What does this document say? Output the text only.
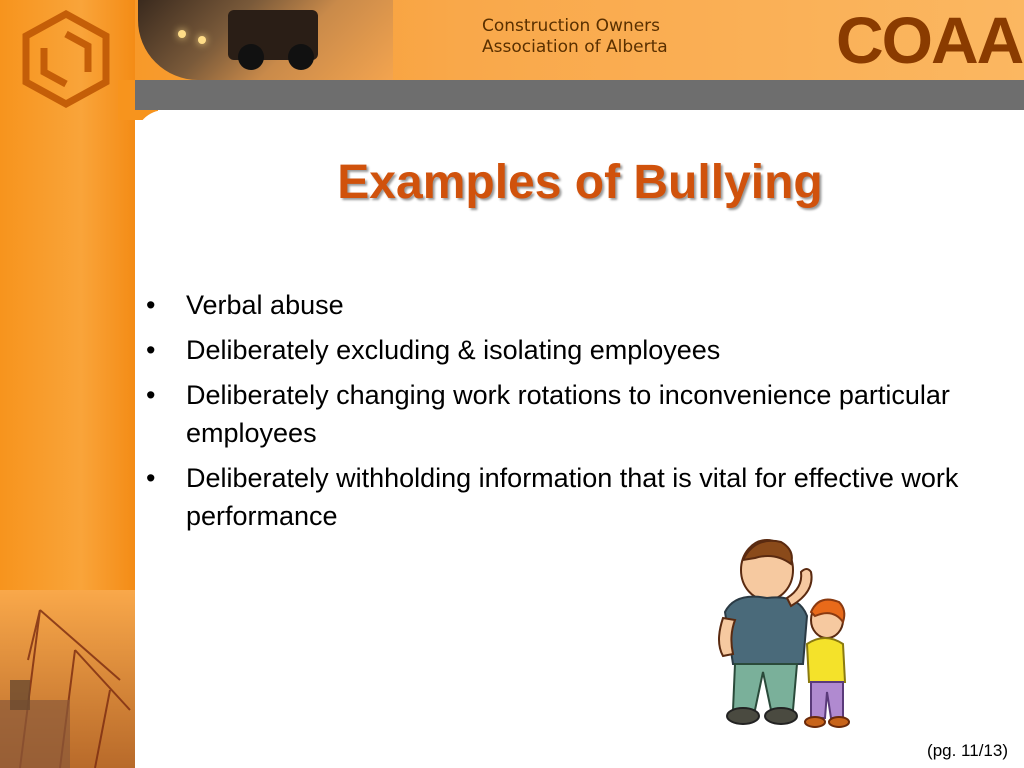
Construction Owners
Association of Alberta	COAA
Examples of Bullying
• Verbal abuse
• Deliberately excluding & isolating employees
• Deliberately changing work rotations to inconvenience particular employees
• Deliberately withholding information that is vital for effective work performance
(pg. 11/13)
